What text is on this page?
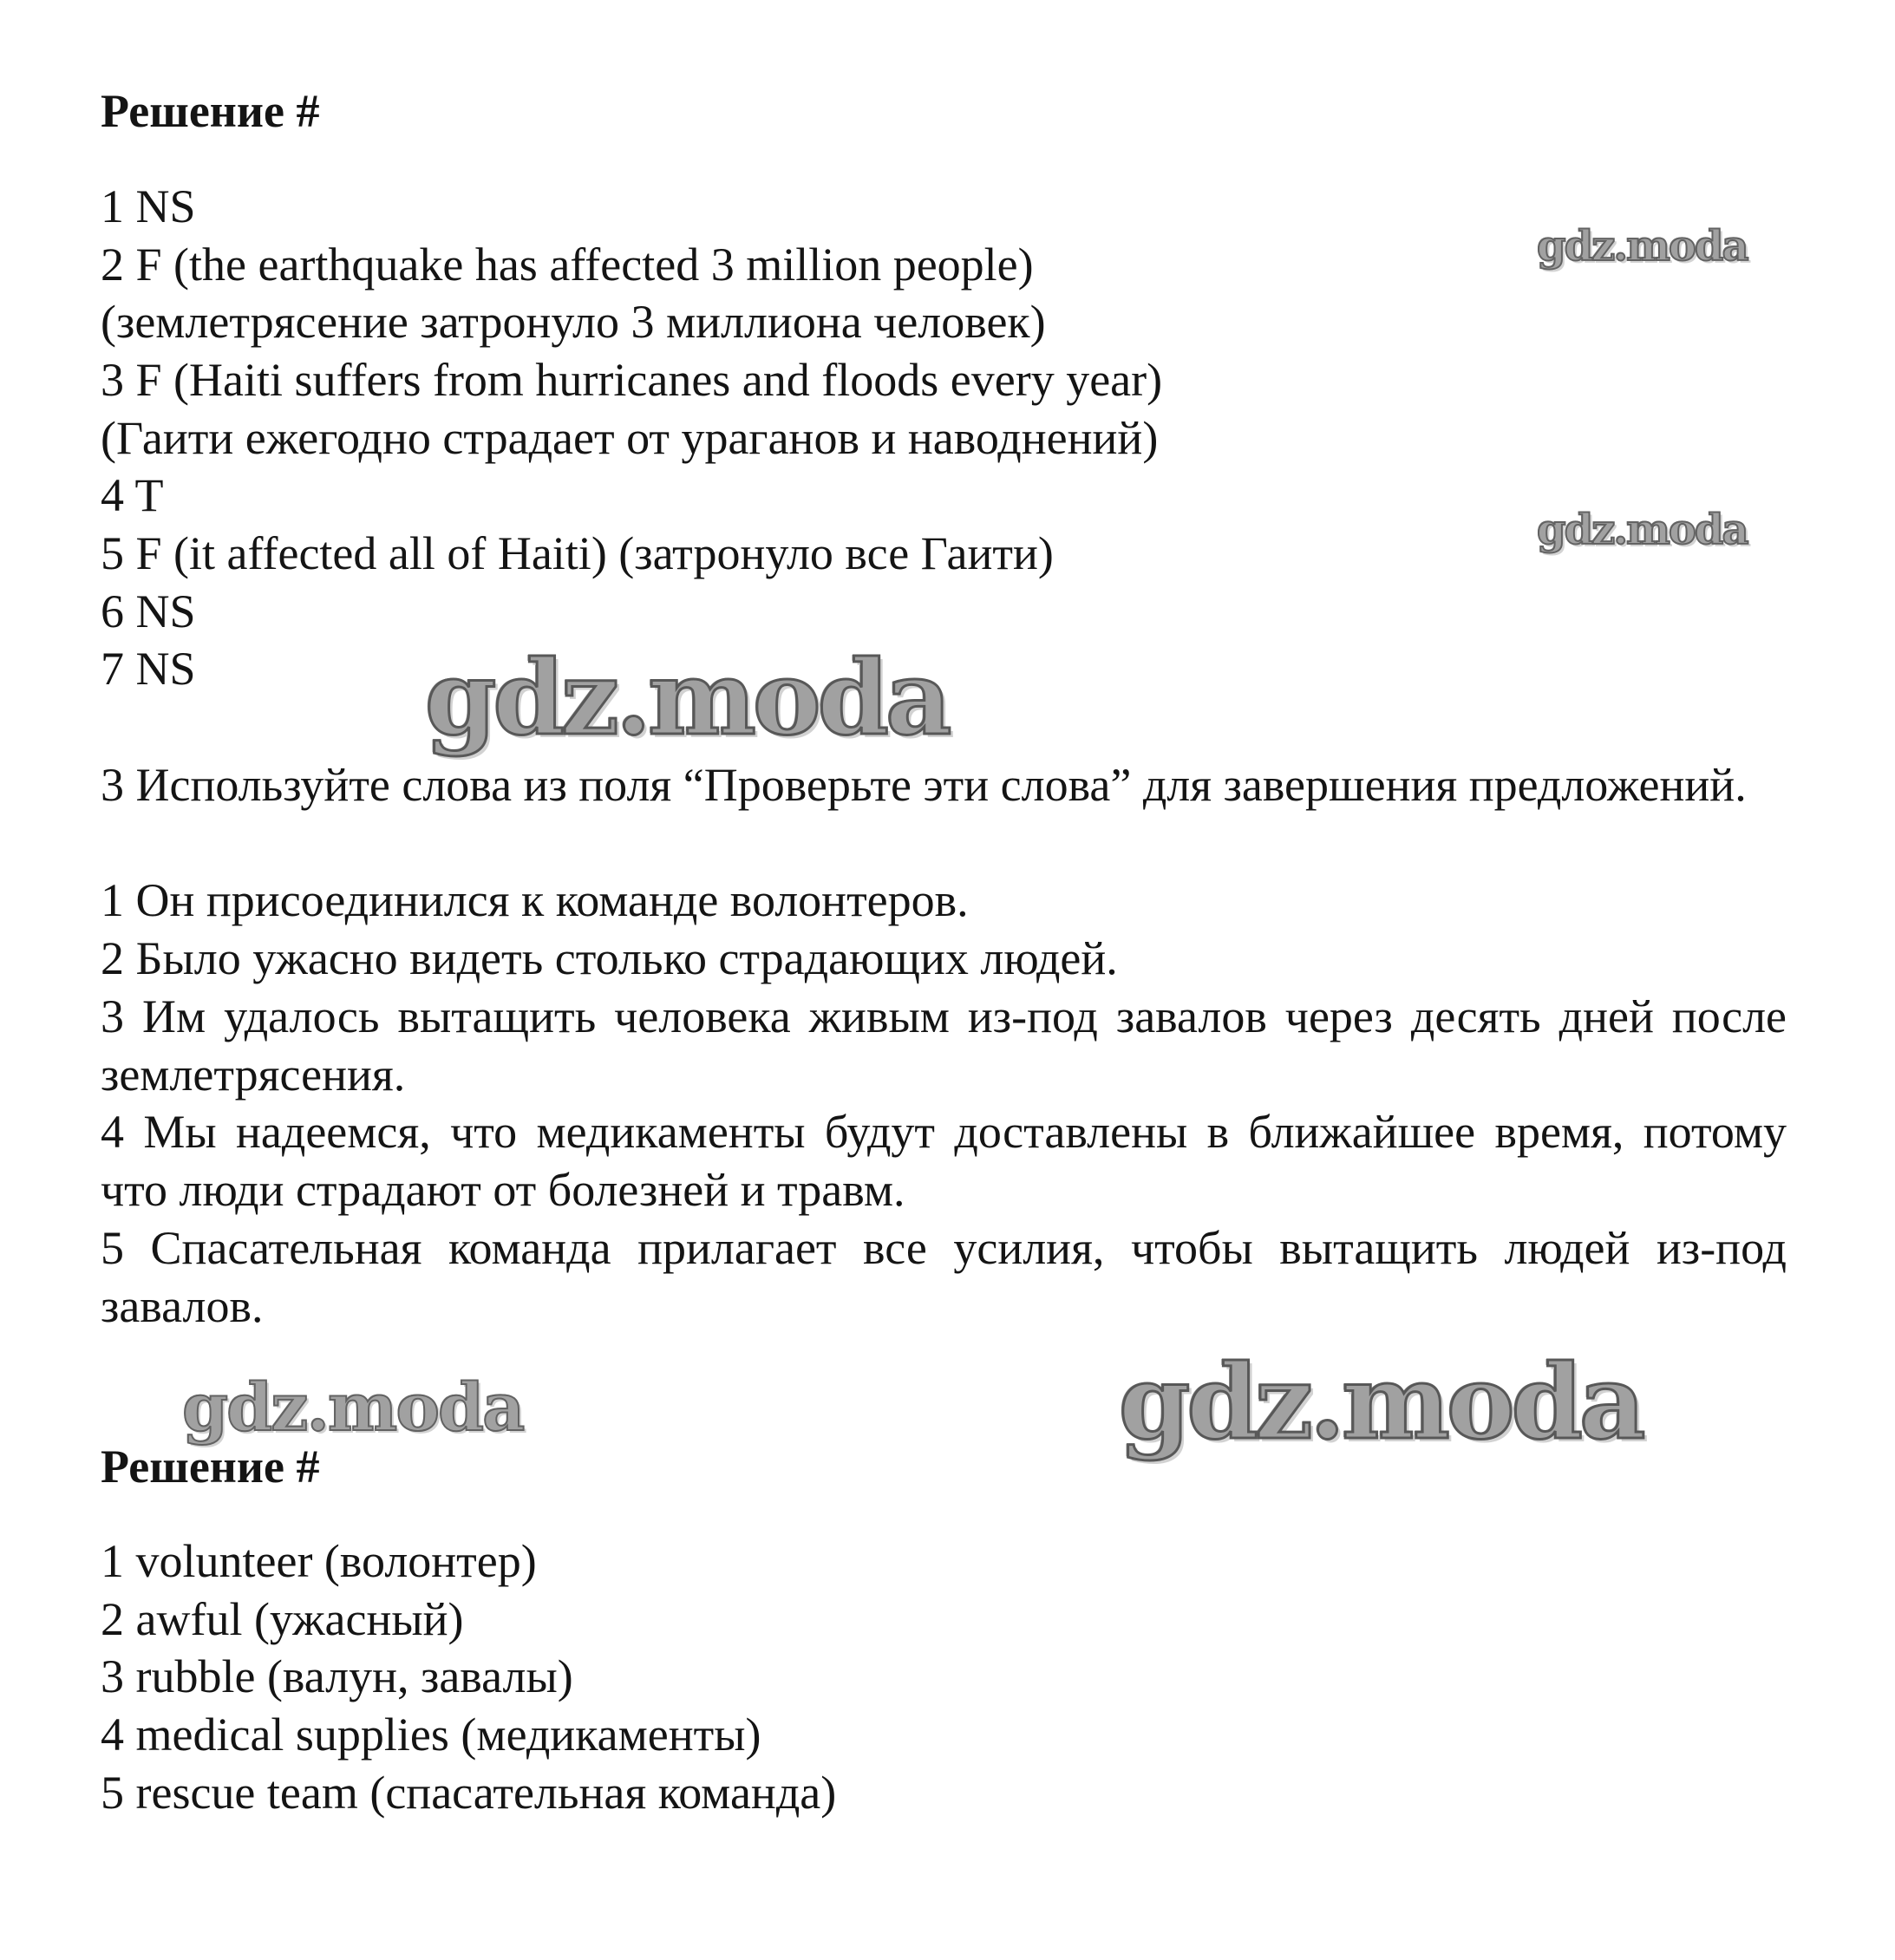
Решение #
1 NS
2 F (the earthquake has affected 3 million people)
(землетрясение затронуло 3 миллиона человек)
3 F (Haiti suffers from hurricanes and floods every year)
(Гаити ежегодно страдает от ураганов и наводнений)
4 T
5 F (it affected all of Haiti) (затронуло все Гаити)
6 NS
7 NS
3 Используйте слова из поля “Проверьте эти слова” для завершения предложений.
1 Он присоединился к команде волонтеров.
2 Было ужасно видеть столько страдающих людей.
3 Им удалось вытащить человека живым из-под завалов через десять дней после землетрясения.
4 Мы надеемся, что медикаменты будут доставлены в ближайшее время, потому что люди страдают от болезней и травм.
5 Спасательная команда прилагает все усилия, чтобы вытащить людей из-под завалов.
Решение #
1 volunteer (волонтер)
2 awful (ужасный)
3 rubble (валун, завалы)
4 medical supplies (медикаменты)
5 rescue team (спасательная команда)
gdz.moda
gdz.moda
gdz.moda
gdz.moda	gdz.moda
